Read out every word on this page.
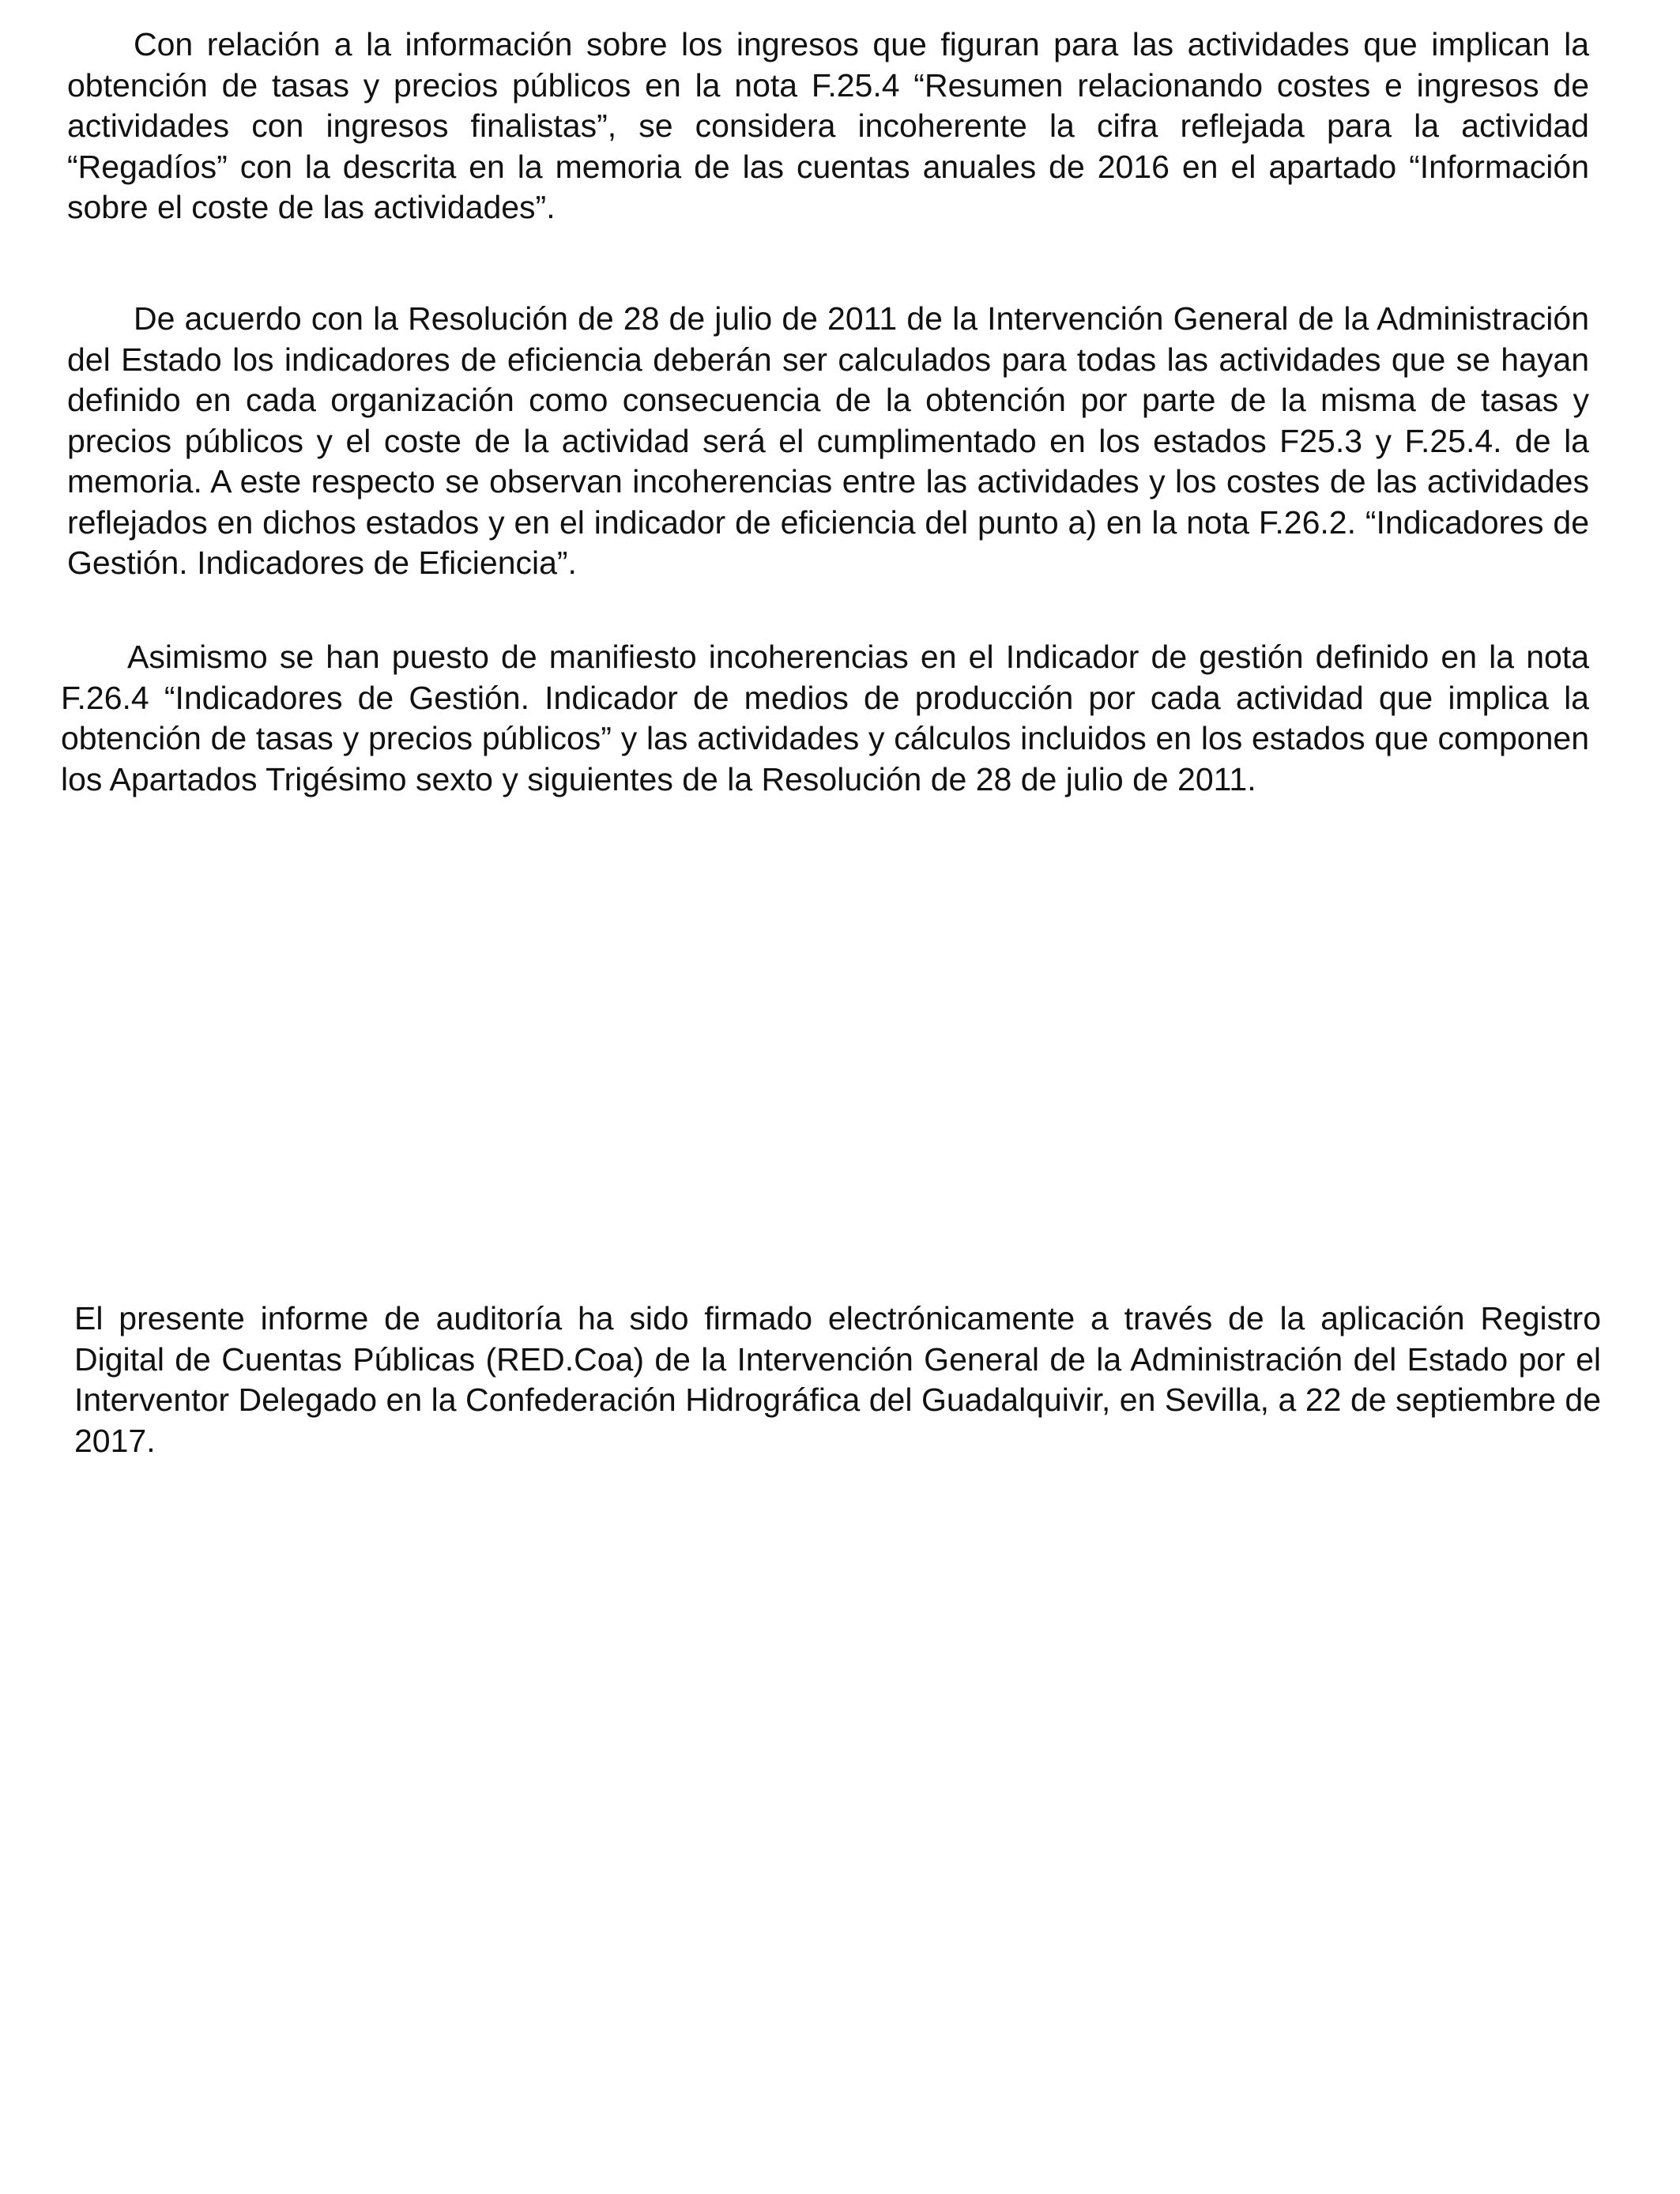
Con relación a la información sobre los ingresos que figuran para las actividades que implican la obtención de tasas y precios públicos en la nota F.25.4 “Resumen relacionando costes e ingresos de actividades con ingresos finalistas”, se considera incoherente la cifra reflejada para la actividad “Regadíos” con la descrita en la memoria de las cuentas anuales de 2016 en el apartado “Información sobre el coste de las actividades”.

De acuerdo con la Resolución de 28 de julio de 2011 de la Intervención General de la Administración del Estado los indicadores de eficiencia deberán ser calculados para todas las actividades que se hayan definido en cada organización como consecuencia de la obtención por parte de la misma de tasas y precios públicos y el coste de la actividad será el cumplimentado en los estados F25.3 y F.25.4. de la memoria. A este respecto se observan incoherencias entre las actividades y los costes de las actividades reflejados en dichos estados y en el indicador de eficiencia del punto a) en la nota F.26.2. “Indicadores de Gestión. Indicadores de Eficiencia”.

Asimismo se han puesto de manifiesto incoherencias en el Indicador de gestión definido en la nota F.26.4 “Indicadores de Gestión. Indicador de medios de producción por cada actividad que implica la obtención de tasas y precios públicos” y las actividades y cálculos incluidos en los estados que componen los Apartados Trigésimo sexto y siguientes de la Resolución de 28 de julio de 2011.

El presente informe de auditoría ha sido firmado electrónicamente a través de la aplicación Registro Digital de Cuentas Públicas (RED.Coa) de la Intervención General de la Administración del Estado por el Interventor Delegado en la Confederación Hidrográfica del Guadalquivir, en Sevilla, a 22 de septiembre de 2017.
